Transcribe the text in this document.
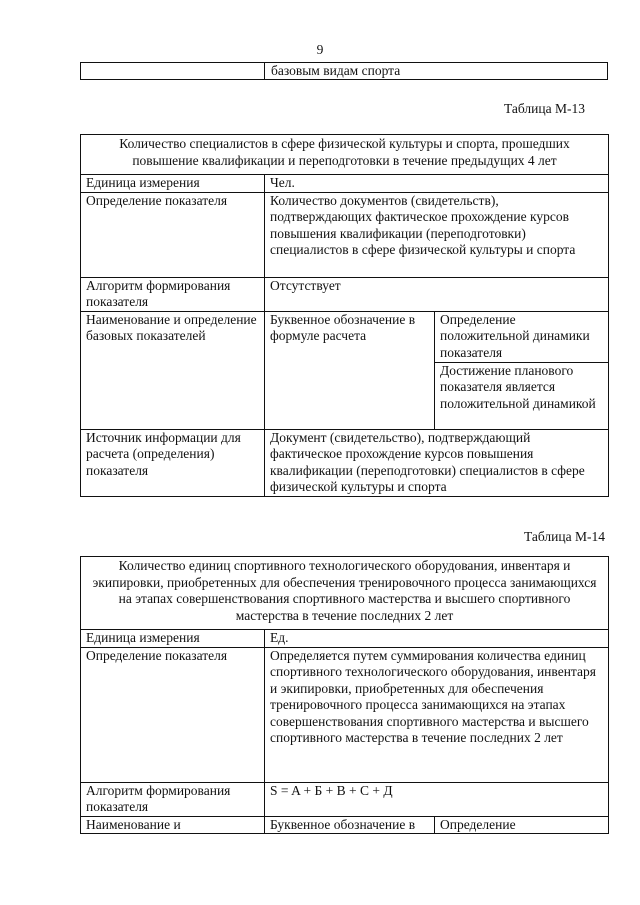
9
базовым видам спорта
Таблица М-13
Количество специалистов в сфере физической культуры и спорта, прошедших повышение квалификации и переподготовки в течение предыдущих 4 лет		
Единица измерения	Чел.	
Определение показателя	Количество документов (свидетельств), подтверждающих фактическое прохождение курсов повышения квалификации (переподготовки) специалистов в сфере физической культуры и спорта	
Алгоритм формирования показателя	Отсутствует	
Наименование и определение базовых показателей	Буквенное обозначение в формуле расчета	Определение положительной динамики показателя
		Достижение планового показателя является положительной динамикой
Источник информации для расчета (определения) показателя	Документ (свидетельство), подтверждающий фактическое прохождение курсов повышения квалификации (переподготовки) специалистов в сфере физической культуры и спорта	
Таблица М-14
Количество единиц спортивного технологического оборудования, инвентаря и экипировки, приобретенных для обеспечения тренировочного процесса занимающихся на этапах совершенствования спортивного мастерства и высшего спортивного мастерства в течение последних 2 лет		
Единица измерения	Ед.	
Определение показателя	Определяется путем суммирования количества единиц спортивного технологического оборудования, инвентаря и экипировки, приобретенных для обеспечения тренировочного процесса занимающихся на этапах совершенствования спортивного мастерства и высшего спортивного мастерства в течение последних 2 лет	
Алгоритм формирования показателя	S = A + Б + В + С + Д	
Наименование и	Буквенное обозначение в	Определение
